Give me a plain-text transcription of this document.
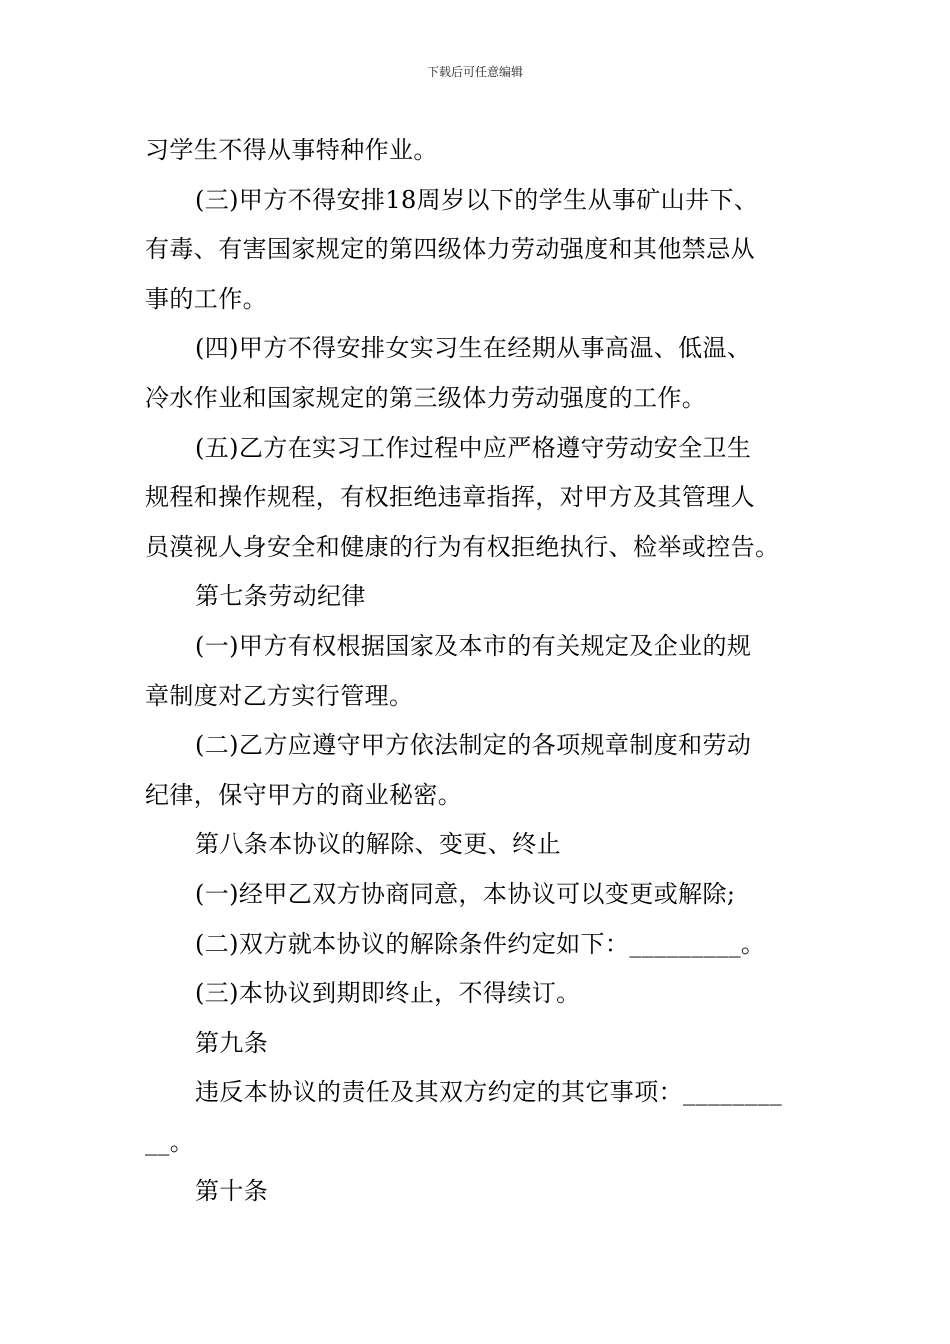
下载后可任意编辑
习学生不得从事特种作业。
(三)甲方不得安排18周岁以下的学生从事矿山井下、
有毒、有害国家规定的第四级体力劳动强度和其他禁忌从
事的工作。
(四)甲方不得安排女实习生在经期从事高温、低温、
冷水作业和国家规定的第三级体力劳动强度的工作。
(五)乙方在实习工作过程中应严格遵守劳动安全卫生
规程和操作规程，有权拒绝违章指挥，对甲方及其管理人
员漠视人身安全和健康的行为有权拒绝执行、检举或控告。
第七条劳动纪律
(一)甲方有权根据国家及本市的有关规定及企业的规
章制度对乙方实行管理。
(二)乙方应遵守甲方依法制定的各项规章制度和劳动
纪律，保守甲方的商业秘密。
第八条本协议的解除、变更、终止
(一)经甲乙双方协商同意，本协议可以变更或解除;
(二)双方就本协议的解除条件约定如下：_________。
(三)本协议到期即终止，不得续订。
第九条
违反本协议的责任及其双方约定的其它事项：________
__。
第十条
